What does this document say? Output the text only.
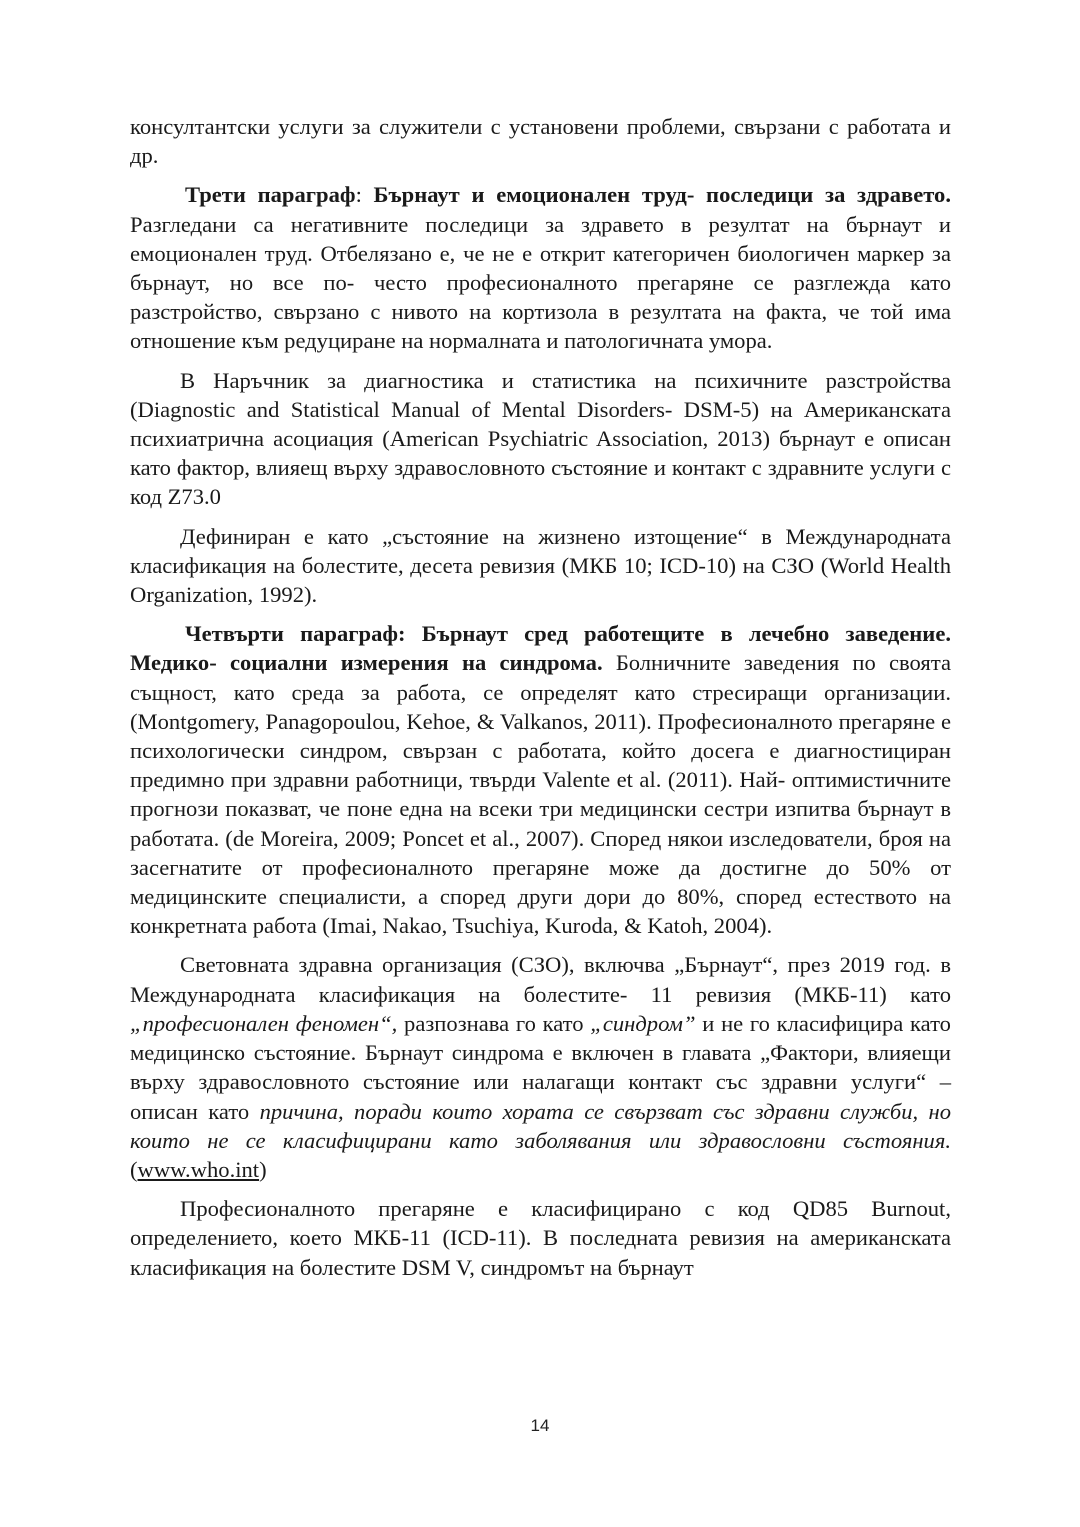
консултантски услуги за служители с установени проблеми, свързани с работата и др.

Трети параграф: Бърнаут и емоционален труд- последици за здравето. Разгледани са негативните последици за здравето в резултат на бърнаут и емоционален труд. Отбелязано е, че не е открит категоричен биологичен маркер за бърнаут, но все по- често професионалното прегаряне се разглежда като разстройство, свързано с нивото на кортизола в резултата на факта, че той има отношение към редуциране на нормалната и патологичната умора.

В Наръчник за диагностика и статистика на психичните разстройства (Diagnostic and Statistical Manual of Mental Disorders- DSM-5) на Американската психиатрична асоциация (American Psychiatric Association, 2013) бърнаут е описан като фактор, влияещ върху здравословното състояние и контакт с здравните услуги с код Z73.0

Дефиниран е като „състояние на жизнено изтощение“ в Международната класификация на болестите, десета ревизия (МКБ 10; ICD-10) на СЗО (World Health Organization, 1992).

Четвърти параграф: Бърнаут сред работещите в лечебно заведение. Медико- социални измерения на синдрома. Болничните заведения по своята същност, като среда за работа, се определят като стресиращи организации. (Montgomery, Panagopoulou, Kehoe, & Valkanos, 2011). Професионалното прегаряне е психологически синдром, свързан с работата, който досега е диагностициран предимно при здравни работници, твърди Valente et al. (2011). Най- оптимистичните прогнози показват, че поне една на всеки три медицински сестри изпитва бърнаут в работата. (de Moreira, 2009; Poncet et al., 2007). Според някои изследователи, броя на засегнатите от професионалното прегаряне може да достигне до 50% от медицинските специалисти, а според други дори до 80%, според естеството на конкретната работа (Imai, Nakao, Tsuchiya, Kuroda, & Katoh, 2004).

Световната здравна организация (СЗО), включва „Бърнаут“, през 2019 год. в Международната класификация на болестите- 11 ревизия (МКБ-11) като „професионален феномен“, разпознава го като „синдром” и не го класифицира като медицинско състояние. Бърнаут синдрома е включен в главата „Фактори, влияещи върху здравословното състояние или налагащи контакт със здравни услуги“ – описан като причина, поради които хората се свързват със здравни служби, но които не се класифицирани като заболявания или здравословни състояния. (www.who.int)

Професионалното прегаряне е класифицирано с код QD85 Burnout, определението, което МКБ-11 (ICD-11). В последната ревизия на американската класификация на болестите DSM V, синдромът на бърнаут

14
